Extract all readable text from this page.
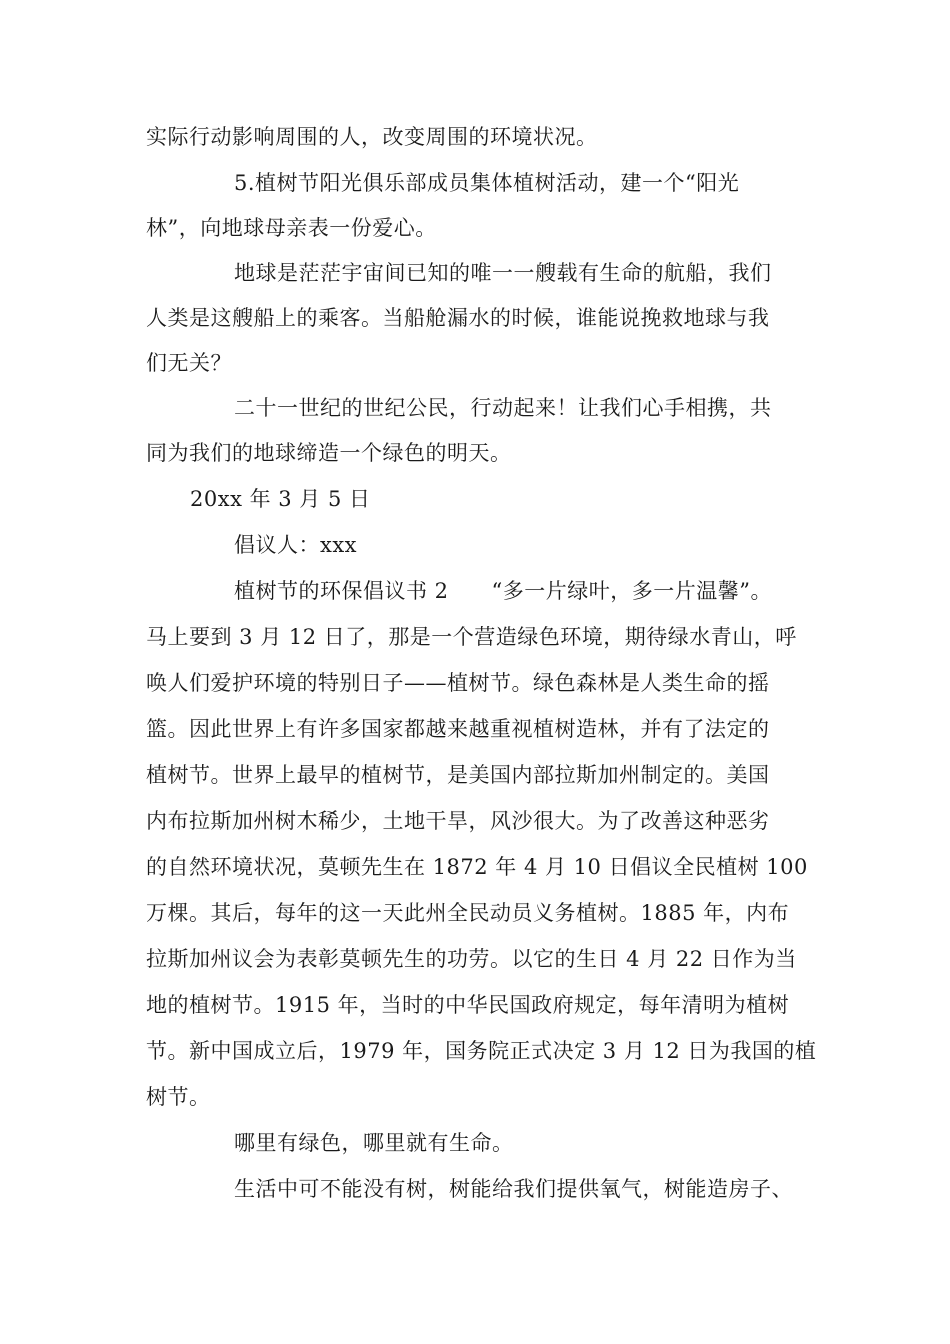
实际行动影响周围的人，改变周围的环境状况。
5.植树节阳光俱乐部成员集体植树活动，建一个“阳光
林”，向地球母亲表一份爱心。
地球是茫茫宇宙间已知的唯一一艘载有生命的航船，我们
人类是这艘船上的乘客。当船舱漏水的时候，谁能说挽救地球与我
们无关？
二十一世纪的世纪公民，行动起来！让我们心手相携，共
同为我们的地球缔造一个绿色的明天。
20xx 年 3 月 5 日
倡议人：xxx
植树节的环保倡议书 2　　“多一片绿叶，多一片温馨”。
马上要到 3 月 12 日了，那是一个营造绿色环境，期待绿水青山，呼
唤人们爱护环境的特别日子——植树节。绿色森林是人类生命的摇
篮。因此世界上有许多国家都越来越重视植树造林，并有了法定的
植树节。世界上最早的植树节，是美国内部拉斯加州制定的。美国
内布拉斯加州树木稀少，土地干旱，风沙很大。为了改善这种恶劣
的自然环境状况，莫顿先生在 1872 年 4 月 10 日倡议全民植树 100
万棵。其后，每年的这一天此州全民动员义务植树。1885 年，内布
拉斯加州议会为表彰莫顿先生的功劳。以它的生日 4 月 22 日作为当
地的植树节。1915 年，当时的中华民国政府规定，每年清明为植树
节。新中国成立后，1979 年，国务院正式决定 3 月 12 日为我国的植
树节。
哪里有绿色，哪里就有生命。
生活中可不能没有树，树能给我们提供氧气，树能造房子、
